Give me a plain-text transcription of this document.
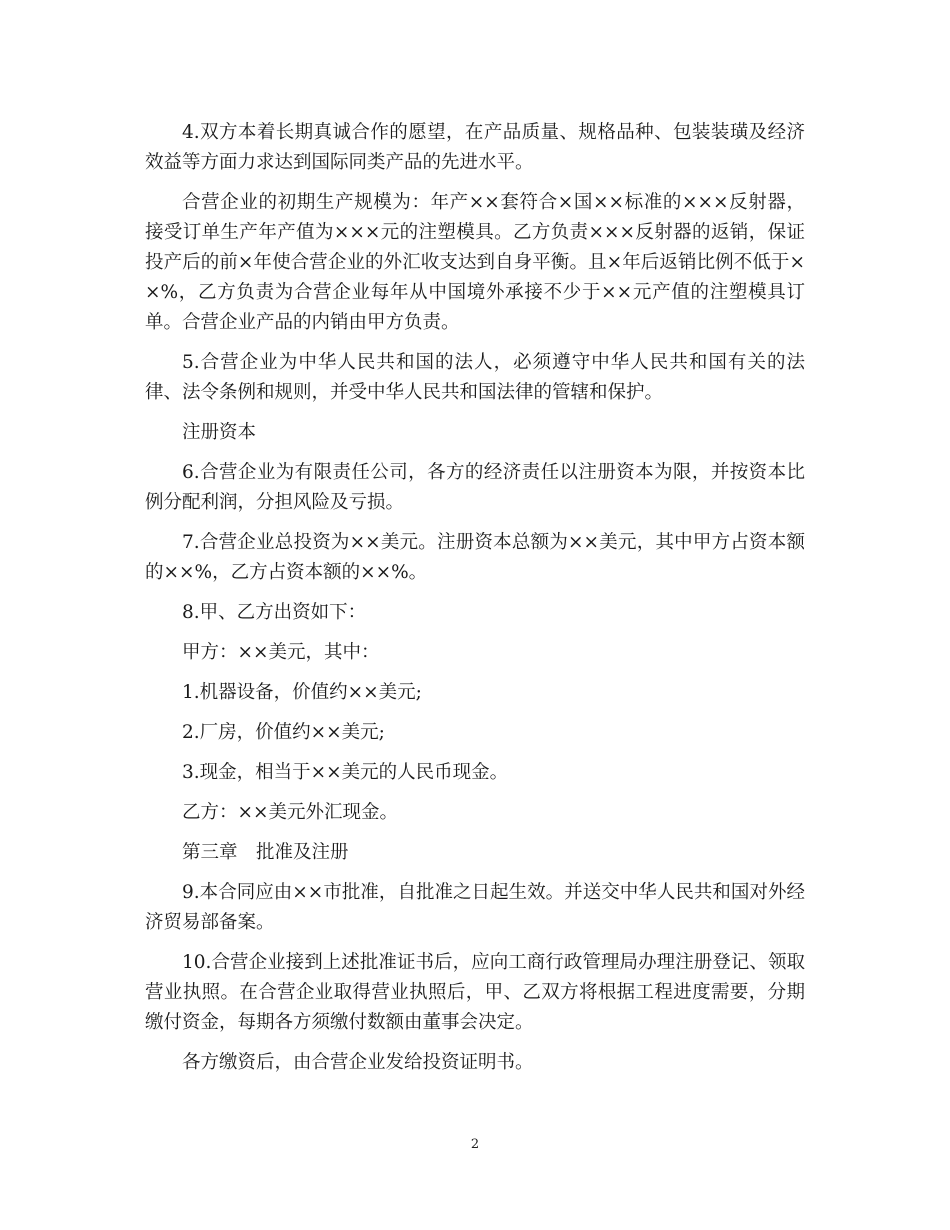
4.双方本着长期真诚合作的愿望，在产品质量、规格品种、包装装璜及经济效益等方面力求达到国际同类产品的先进水平。

合营企业的初期生产规模为：年产××套符合×国××标准的×××反射器，接受订单生产年产值为×××元的注塑模具。乙方负责×××反射器的返销，保证投产后的前×年使合营企业的外汇收支达到自身平衡。且×年后返销比例不低于××%，乙方负责为合营企业每年从中国境外承接不少于××元产值的注塑模具订单。合营企业产品的内销由甲方负责。

5.合营企业为中华人民共和国的法人，必须遵守中华人民共和国有关的法律、法令条例和规则，并受中华人民共和国法律的管辖和保护。

注册资本

6.合营企业为有限责任公司，各方的经济责任以注册资本为限，并按资本比例分配利润，分担风险及亏损。

7.合营企业总投资为××美元。注册资本总额为××美元，其中甲方占资本额的××%，乙方占资本额的××%。

8.甲、乙方出资如下：

甲方：××美元，其中：

1.机器设备，价值约××美元;

2.厂房，价值约××美元;

3.现金，相当于××美元的人民币现金。

乙方：××美元外汇现金。

第三章　批准及注册

9.本合同应由××市批准，自批准之日起生效。并送交中华人民共和国对外经济贸易部备案。

10.合营企业接到上述批准证书后，应向工商行政管理局办理注册登记、领取营业执照。在合营企业取得营业执照后，甲、乙双方将根据工程进度需要，分期缴付资金，每期各方须缴付数额由董事会决定。

各方缴资后，由合营企业发给投资证明书。

2
